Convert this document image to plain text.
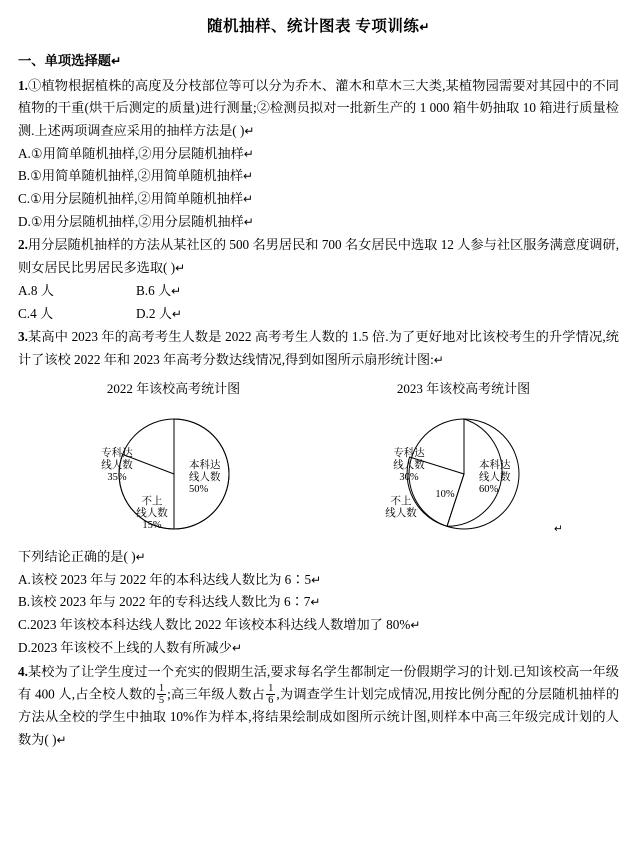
随机抽样、统计图表 专项训练↵
一、单项选择题↵
1.①植物根据植株的高度及分枝部位等可以分为乔木、灌木和草木三大类,某植物园需要对其园中的不同植物的干重(烘干后测定的质量)进行测量;②检测员拟对一批新生产的 1 000 箱牛奶抽取 10 箱进行质量检测.上述两项调查应采用的抽样方法是( )↵
A.①用简单随机抽样,②用分层随机抽样↵
B.①用简单随机抽样,②用简单随机抽样↵
C.①用分层随机抽样,②用简单随机抽样↵
D.①用分层随机抽样,②用分层随机抽样↵
2.用分层随机抽样的方法从某社区的 500 名男居民和 700 名女居民中选取 12 人参与社区服务满意度调研,则女居民比男居民多选取( )↵
A.8 人	B.6 人↵
C.4 人	D.2 人↵
3.某高中 2023 年的高考考生人数是 2022 高考考生人数的 1.5 倍.为了更好地对比该校考生的升学情况,统计了该校 2022 年和 2023 年高考分数达线情况,得到如图所示扇形统计图:↵
2022 年该校高考统计图
本科达
线人数
50%
专科达
线人数
35%
不上
线人数
15%
2023 年该校高考统计图
本科达
线人数
60%
专科达
线人数
30%
10%
不上
线人数
↵
下列结论正确的是( )↵
A.该校 2023 年与 2022 年的本科达线人数比为 6∶5↵
B.该校 2023 年与 2022 年的专科达线人数比为 6∶7↵
C.2023 年该校本科达线人数比 2022 年该校本科达线人数增加了 80%↵
D.2023 年该校不上线的人数有所减少↵
4.某校为了让学生度过一个充实的假期生活,要求每名学生都制定一份假期学习的计划.已知该校高一年级有 400 人,占全校人数的 $\frac{1}{5}$ ;高三年级人数占 $\frac{1}{6}$ ,为调查学生计划完成情况,用按比例分配的分层随机抽样的方法从全校的学生中抽取 10%作为样本,将结果绘制成如图所示统计图,则样本中高三年级完成计划的人数为( )↵
